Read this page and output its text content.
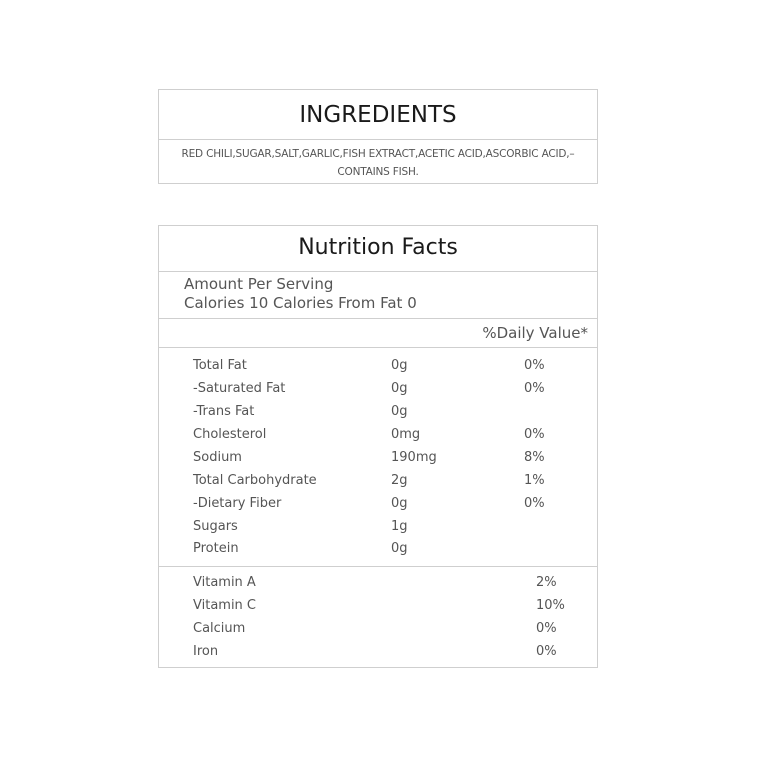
INGREDIENTS
RED CHILI,SUGAR,SALT,GARLIC,FISH EXTRACT,ACETIC ACID,ASCORBIC ACID,–
CONTAINS FISH.
Nutrition Facts
Amount Per Serving
Calories 10 Calories From Fat 0
%Daily Value*
Total Fat	0g	0%
-Saturated Fat	0g	0%
-Trans Fat	0g
Cholesterol	0mg	0%
Sodium	190mg	8%
Total Carbohydrate	2g	1%
-Dietary Fiber	0g	0%
Sugars	1g
Protein	0g
Vitamin A	2%
Vitamin C	10%
Calcium	0%
Iron	0%
